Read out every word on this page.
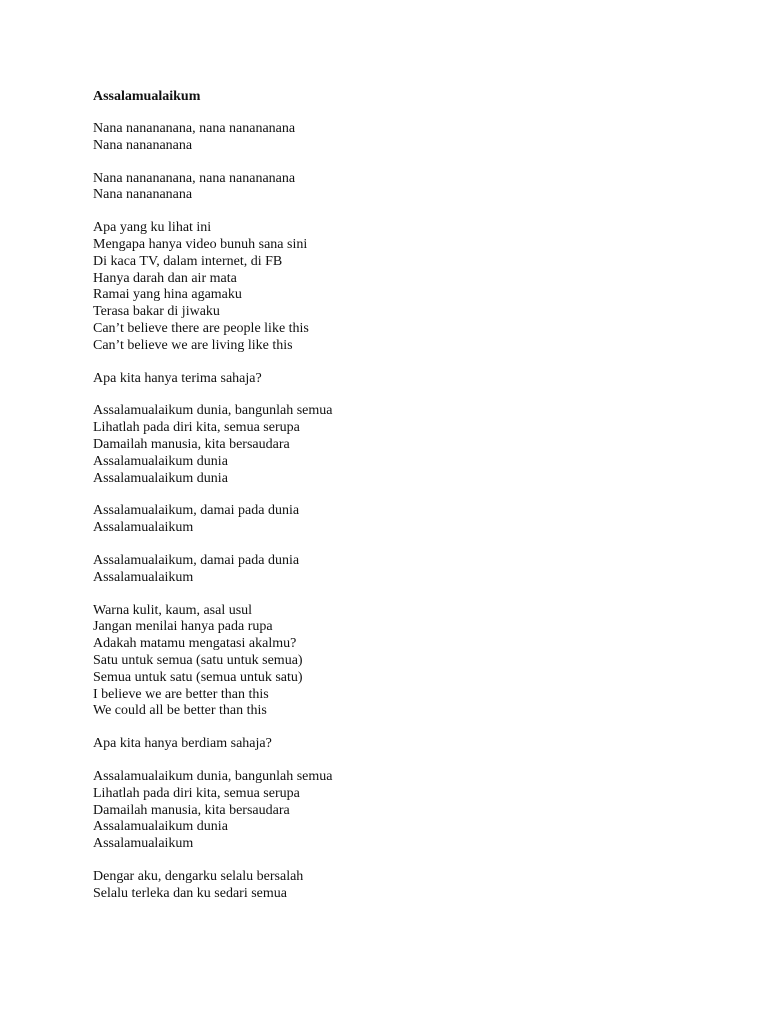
Assalamualaikum
Nana nanananana, nana nanananana
Nana nanananana
Nana nanananana, nana nanananana
Nana nanananana
Apa yang ku lihat ini
Mengapa hanya video bunuh sana sini
Di kaca TV, dalam internet, di FB
Hanya darah dan air mata
Ramai yang hina agamaku
Terasa bakar di jiwaku
Can’t believe there are people like this
Can’t believe we are living like this
Apa kita hanya terima sahaja?
Assalamualaikum dunia, bangunlah semua
Lihatlah pada diri kita, semua serupa
Damailah manusia, kita bersaudara
Assalamualaikum dunia
Assalamualaikum dunia
Assalamualaikum, damai pada dunia
Assalamualaikum
Assalamualaikum, damai pada dunia
Assalamualaikum
Warna kulit, kaum, asal usul
Jangan menilai hanya pada rupa
Adakah matamu mengatasi akalmu?
Satu untuk semua (satu untuk semua)
Semua untuk satu (semua untuk satu)
I believe we are better than this
We could all be better than this
Apa kita hanya berdiam sahaja?
Assalamualaikum dunia, bangunlah semua
Lihatlah pada diri kita, semua serupa
Damailah manusia, kita bersaudara
Assalamualaikum dunia
Assalamualaikum
Dengar aku, dengarku selalu bersalah
Selalu terleka dan ku sedari semua
